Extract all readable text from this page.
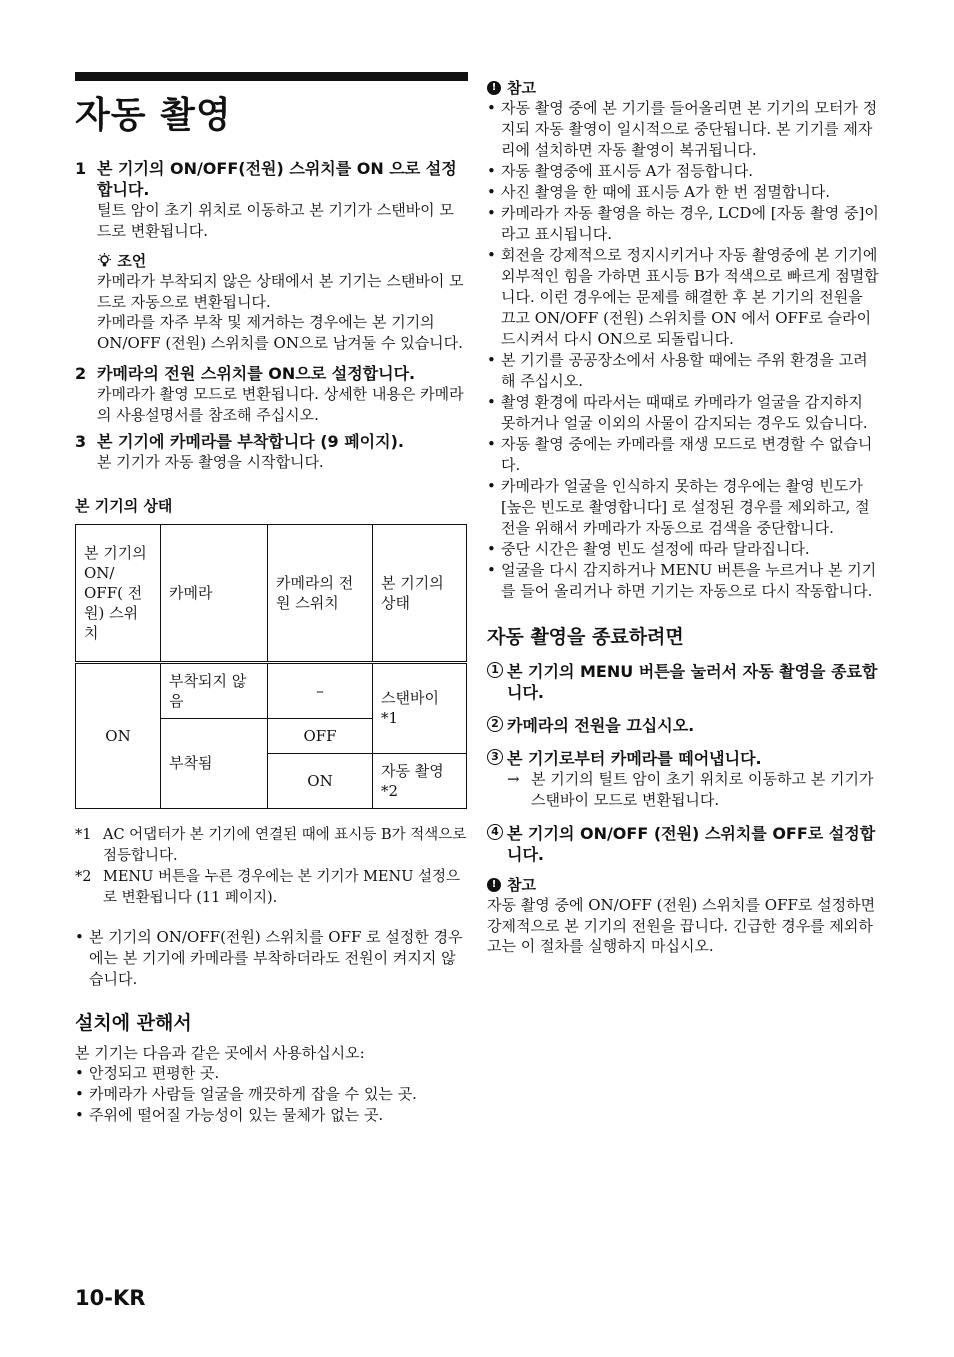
자동 촬영
1 본 기기의 ON/OFF(전원) 스위치를 ON 으로 설정합니다.
틸트 암이 초기 위치로 이동하고 본 기기가 스탠바이 모드로 변환됩니다.
조언
카메라가 부착되지 않은 상태에서 본 기기는 스탠바이 모드로 자동으로 변환됩니다.
카메라를 자주 부착 및 제거하는 경우에는 본 기기의 ON/OFF (전원) 스위치를 ON으로 남겨둘 수 있습니다.
2 카메라의 전원 스위치를 ON으로 설정합니다.
카메라가 촬영 모드로 변환됩니다. 상세한 내용은 카메라의 사용설명서를 참조해 주십시오.
3 본 기기에 카메라를 부착합니다 (9 페이지).
본 기기가 자동 촬영을 시작합니다.
본 기기의 상태
본 기기의 ON/ OFF( 전원) 스위치	카메라	카메라의 전원 스위치	본 기기의 상태
ON	부착되지 않음	–	스탠바이 *1
	부착됨	OFF	
		ON	자동 촬영*2
*1 AC 어댑터가 본 기기에 연결된 때에 표시등 B가 적색으로 점등합니다.
*2 MENU 버튼을 누른 경우에는 본 기기가 MENU 설정으로 변환됩니다 (11 페이지).
• 본 기기의 ON/OFF(전원) 스위치를 OFF 로 설정한 경우에는 본 기기에 카메라를 부착하더라도 전원이 켜지지 않습니다.
설치에 관해서
본 기기는 다음과 같은 곳에서 사용하십시오:
• 안정되고 편평한 곳.
• 카메라가 사람들 얼굴을 깨끗하게 잡을 수 있는 곳.
• 주위에 떨어질 가능성이 있는 물체가 없는 곳.
! 참고
• 자동 촬영 중에 본 기기를 들어올리면 본 기기의 모터가 정지되 자동 촬영이 일시적으로 중단됩니다. 본 기기를 제자리에 설치하면 자동 촬영이 복귀됩니다.
• 자동 촬영중에 표시등 A가 점등합니다.
• 사진 촬영을 한 때에 표시등 A가 한 번 점멸합니다.
• 카메라가 자동 촬영을 하는 경우, LCD에 [자동 촬영 중]이라고 표시됩니다.
• 회전을 강제적으로 정지시키거나 자동 촬영중에 본 기기에 외부적인 힘을 가하면 표시등 B가 적색으로 빠르게 점멸합니다. 이런 경우에는 문제를 해결한 후 본 기기의 전원을 끄고 ON/OFF (전원) 스위치를 ON 에서 OFF로 슬라이드시켜서 다시 ON으로 되돌립니다.
• 본 기기를 공공장소에서 사용할 때에는 주위 환경을 고려해 주십시오.
• 촬영 환경에 따라서는 때때로 카메라가 얼굴을 감지하지 못하거나 얼굴 이외의 사물이 감지되는 경우도 있습니다.
• 자동 촬영 중에는 카메라를 재생 모드로 변경할 수 없습니다.
• 카메라가 얼굴을 인식하지 못하는 경우에는 촬영 빈도가 [높은 빈도로 촬영합니다] 로 설정된 경우를 제외하고, 절전을 위해서 카메라가 자동으로 검색을 중단합니다.
• 중단 시간은 촬영 빈도 설정에 따라 달라집니다.
• 얼굴을 다시 감지하거나 MENU 버튼을 누르거나 본 기기를 들어 올리거나 하면 기기는 자동으로 다시 작동합니다.
자동 촬영을 종료하려면
1 본 기기의 MENU 버튼을 눌러서 자동 촬영을 종료합니다.
2 카메라의 전원을 끄십시오.
3 본 기기로부터 카메라를 떼어냅니다.
→ 본 기기의 틸트 암이 초기 위치로 이동하고 본 기기가 스탠바이 모드로 변환됩니다.
4 본 기기의 ON/OFF (전원) 스위치를 OFF로 설정합니다.
! 참고
자동 촬영 중에 ON/OFF (전원) 스위치를 OFF로 설정하면 강제적으로 본 기기의 전원을 끕니다. 긴급한 경우를 제외하고는 이 절차를 실행하지 마십시오.
10-KR
